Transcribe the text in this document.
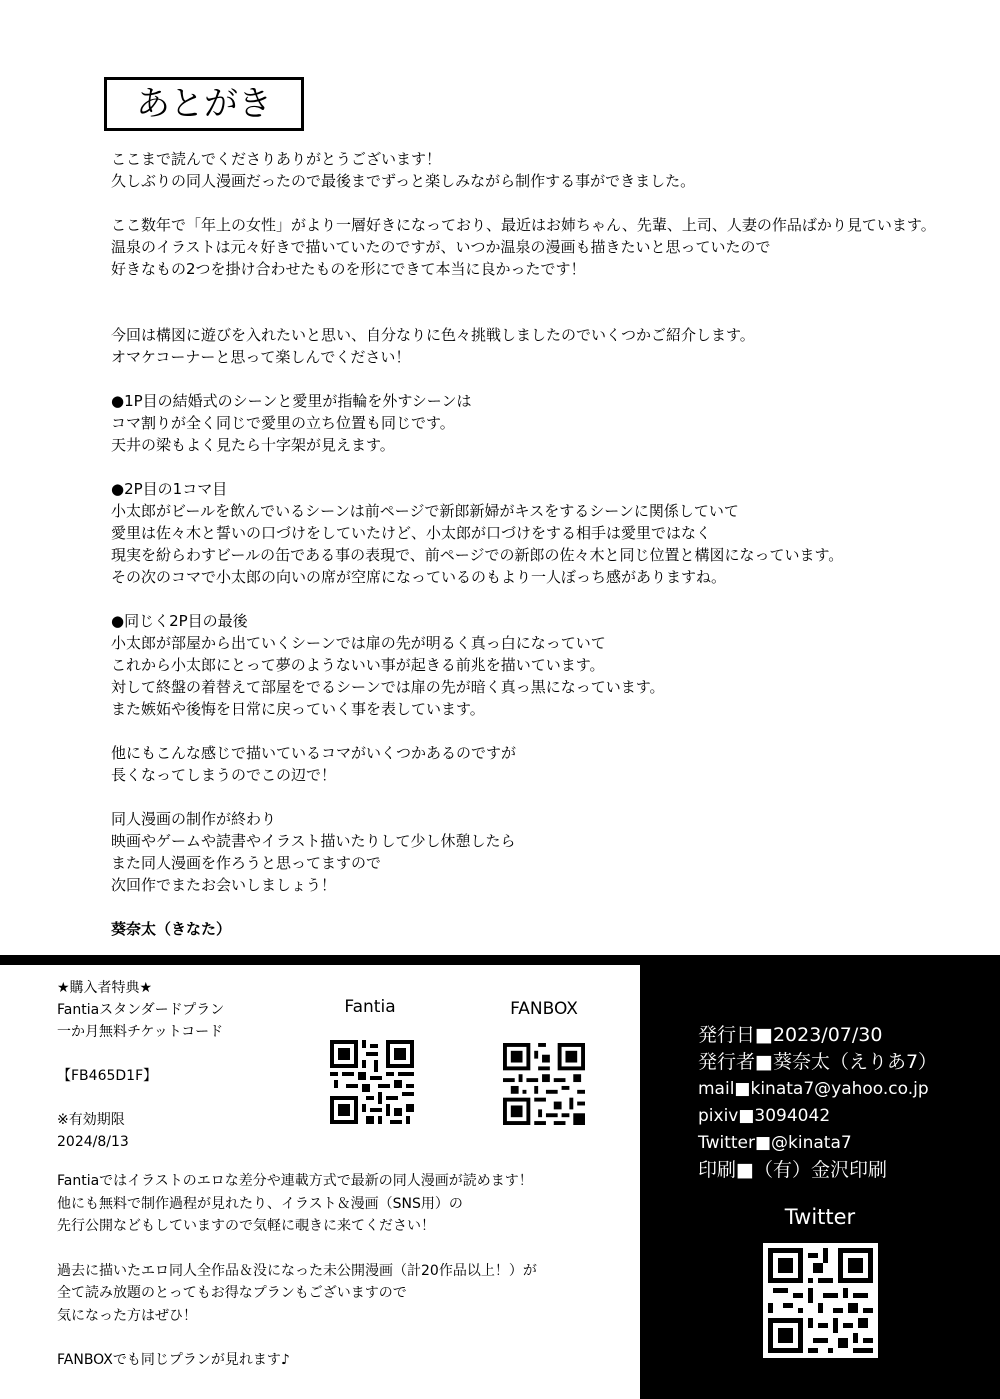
あとがき

ここまで読んでくださりありがとうございます！
久しぶりの同人漫画だったので最後までずっと楽しみながら制作する事ができました。

ここ数年で「年上の女性」がより一層好きになっており、最近はお姉ちゃん、先輩、上司、人妻の作品ばかり見ています。
温泉のイラストは元々好きで描いていたのですが、いつか温泉の漫画も描きたいと思っていたので
好きなもの2つを掛け合わせたものを形にできて本当に良かったです！

今回は構図に遊びを入れたいと思い、自分なりに色々挑戦しましたのでいくつかご紹介します。
オマケコーナーと思って楽しんでください！

●1P目の結婚式のシーンと愛里が指輪を外すシーンは
コマ割りが全く同じで愛里の立ち位置も同じです。
天井の梁もよく見たら十字架が見えます。

●2P目の1コマ目
小太郎がビールを飲んでいるシーンは前ページで新郎新婦がキスをするシーンに関係していて
愛里は佐々木と誓いの口づけをしていたけど、小太郎が口づけをする相手は愛里ではなく
現実を紛らわすビールの缶である事の表現で、前ページでの新郎の佐々木と同じ位置と構図になっています。
その次のコマで小太郎の向いの席が空席になっているのもより一人ぼっち感がありますね。

●同じく2P目の最後
小太郎が部屋から出ていくシーンでは扉の先が明るく真っ白になっていて
これから小太郎にとって夢のようないい事が起きる前兆を描いています。
対して終盤の着替えて部屋をでるシーンでは扉の先が暗く真っ黒になっています。
また嫉妬や後悔を日常に戻っていく事を表しています。

他にもこんな感じで描いているコマがいくつかあるのですが
長くなってしまうのでこの辺で！

同人漫画の制作が終わり
映画やゲームや読書やイラスト描いたりして少し休憩したら
また同人漫画を作ろうと思ってますので
次回作でまたお会いしましょう！

葵奈太（きなた）

★購入者特典★
Fantiaスタンダードプラン
一か月無料チケットコード
【FB465D1F】
※有効期限
2024/8/13
Fantia	FANBOX

Fantiaではイラストのエロな差分や連載方式で最新の同人漫画が読めます！
他にも無料で制作過程が見れたり、イラスト＆漫画（SNS用）の
先行公開などもしていますので気軽に覗きに来てください！

過去に描いたエロ同人全作品＆没になった未公開漫画（計20作品以上！）が
全て読み放題のとってもお得なプランもございますので
気になった方はぜひ！

FANBOXでも同じプランが見れます♪

発行日■2023/07/30
発行者■葵奈太（えりあ7）
mail■kinata7@yahoo.co.jp
pixiv■3094042
Twitter■@kinata7
印刷■（有）金沢印刷
Twitter
